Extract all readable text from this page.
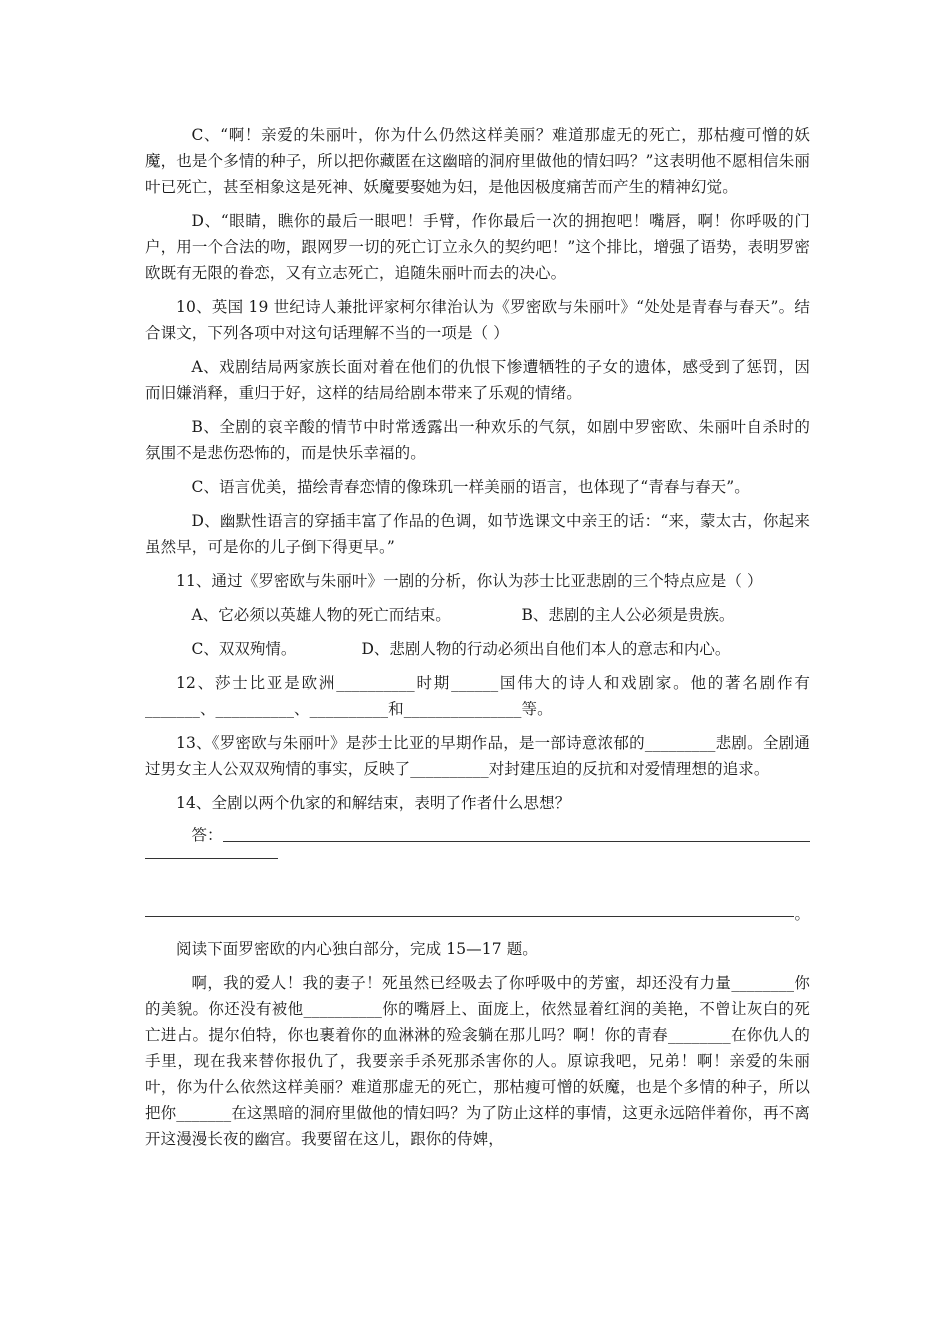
C、“啊！亲爱的朱丽叶，你为什么仍然这样美丽？难道那虚无的死亡，那枯瘦可憎的妖魔，也是个多情的种子，所以把你藏匿在这幽暗的洞府里做他的情妇吗？”这表明他不愿相信朱丽叶已死亡，甚至相象这是死神、妖魔要娶她为妇，是他因极度痛苦而产生的精神幻觉。

D、“眼睛，瞧你的最后一眼吧！手臂，作你最后一次的拥抱吧！嘴唇，啊！你呼吸的门户，用一个合法的吻，跟网罗一切的死亡订立永久的契约吧！”这个排比，增强了语势，表明罗密欧既有无限的眷恋，又有立志死亡，追随朱丽叶而去的决心。

10、英国 19 世纪诗人兼批评家柯尔律治认为《罗密欧与朱丽叶》“处处是青春与春天”。结合课文，下列各项中对这句话理解不当的一项是（ ）

A、戏剧结局两家族长面对着在他们的仇恨下惨遭牺牲的子女的遗体，感受到了惩罚，因而旧嫌消释，重归于好，这样的结局给剧本带来了乐观的情绪。

B、全剧的哀辛酸的情节中时常透露出一种欢乐的气氛，如剧中罗密欧、朱丽叶自杀时的氛围不是悲伤恐怖的，而是快乐幸福的。

C、语言优美，描绘青春恋情的像珠玑一样美丽的语言，也体现了“青春与春天”。

D、幽默性语言的穿插丰富了作品的色调，如节选课文中亲王的话：“来，蒙太古，你起来虽然早，可是你的儿子倒下得更早。”

11、通过《罗密欧与朱丽叶》一剧的分析，你认为莎士比亚悲剧的三个特点应是（ ）

A、它必须以英雄人物的死亡而结束。	B、悲剧的主人公必须是贵族。
C、双双殉情。	D、悲剧人物的行动必须出自他们本人的意志和内心。

12、莎士比亚是欧洲__________时期______国伟大的诗人和戏剧家。他的著名剧作有_______、__________、__________和_______________等。

13、《罗密欧与朱丽叶》是莎士比亚的早期作品，是一部诗意浓郁的_________悲剧。全剧通过男女主人公双双殉情的事实，反映了__________对封建压迫的反抗和对爱情理想的追求。

14、全剧以两个仇家的和解结束，表明了作者什么思想？

答：
。

阅读下面罗密欧的内心独白部分，完成 15—17 题。

啊，我的爱人！我的妻子！死虽然已经吸去了你呼吸中的芳蜜，却还没有力量________你的美貌。你还没有被他__________你的嘴唇上、面庞上，依然显着红润的美艳，不曾让灰白的死亡进占。提尔伯特，你也裹着你的血淋淋的殓衾躺在那儿吗？啊！你的青春________在你仇人的手里，现在我来替你报仇了，我要亲手杀死那杀害你的人。原谅我吧，兄弟！啊！亲爱的朱丽叶，你为什么依然这样美丽？难道那虚无的死亡，那枯瘦可憎的妖魔，也是个多情的种子，所以把你_______在这黑暗的洞府里做他的情妇吗？为了防止这样的事情，这更永远陪伴着你，再不离开这漫漫长夜的幽宫。我要留在这儿，跟你的侍婢，
